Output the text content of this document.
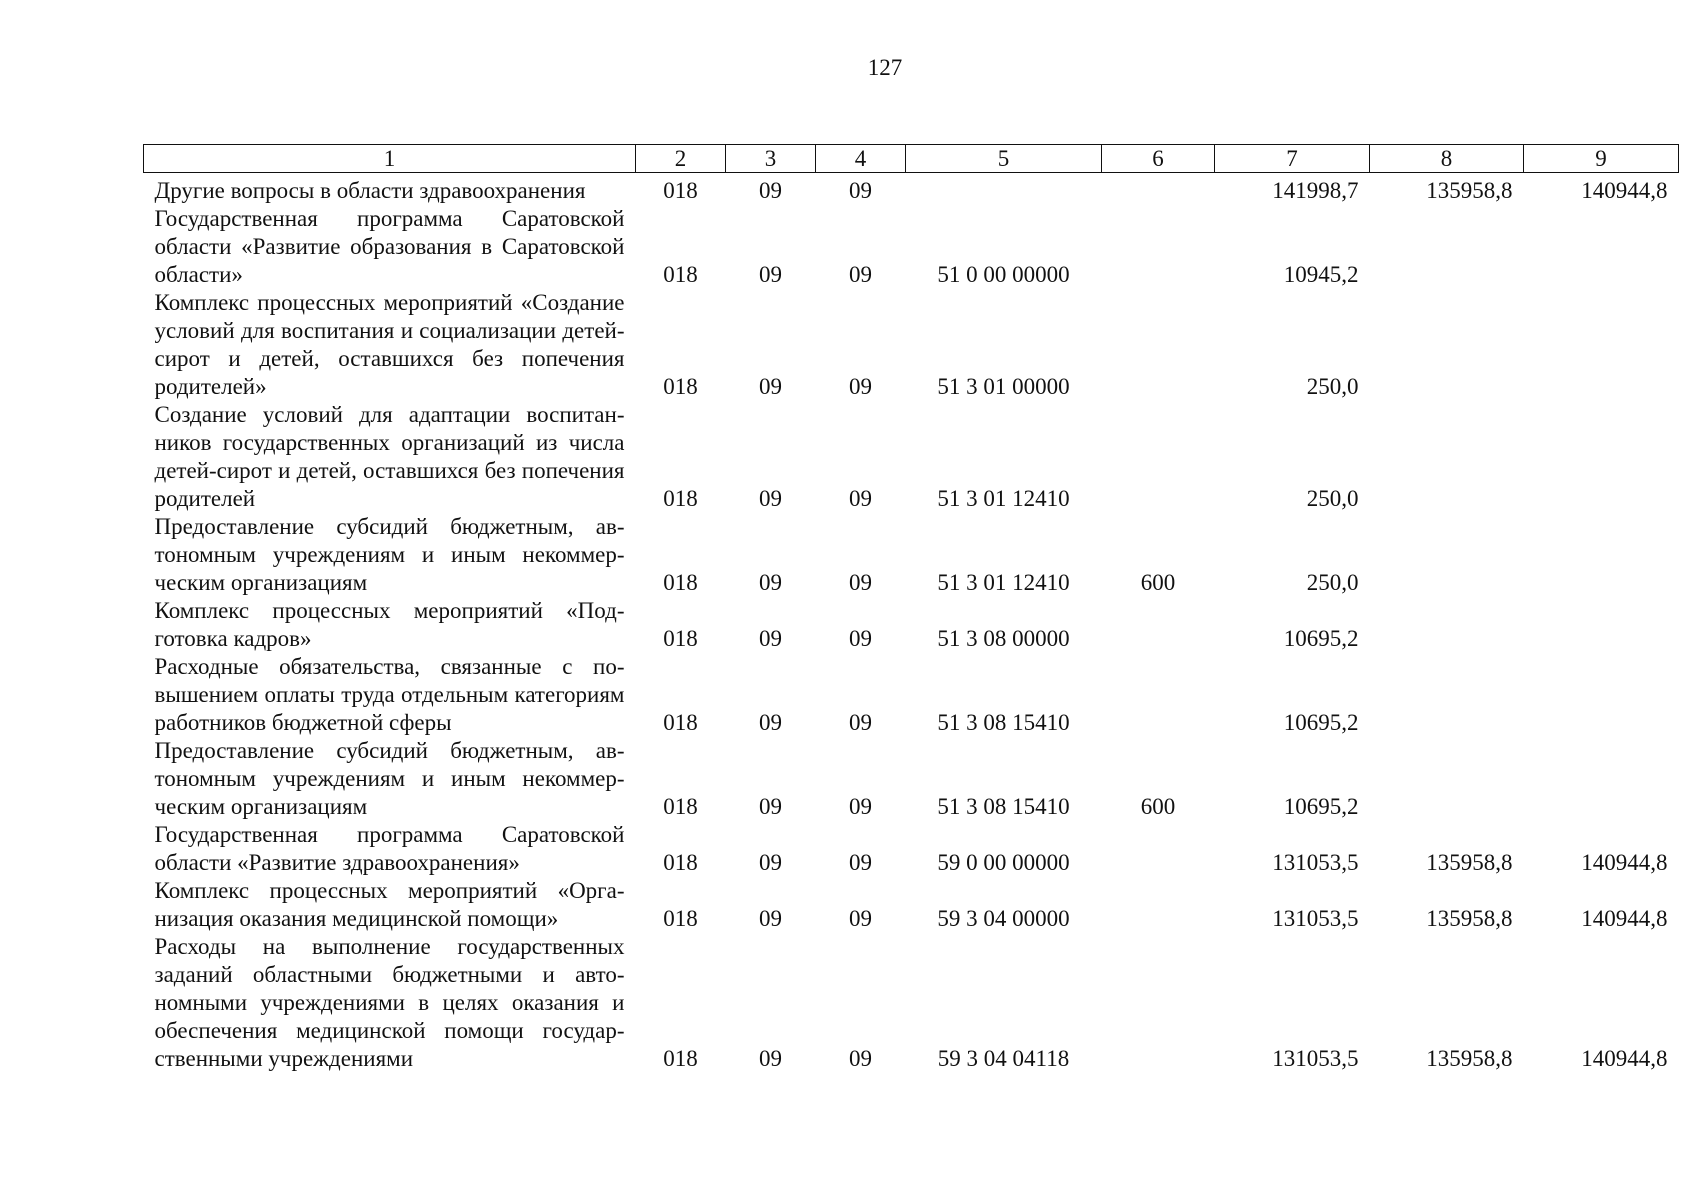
127
1	2	3	4	5	6	7	8	9
Другие вопросы в области здравоохранения	018	09	09			141998,7	135958,8	140944,8
Государственная программа Саратовской области «Развитие образования в Саратовской области»	018	09	09	51 0 00 00000		10945,2		
Комплекс процессных мероприятий «Создание условий для воспитания и социализации детей-сирот и детей, оставшихся без попечения родителей»	018	09	09	51 3 01 00000		250,0		
Создание условий для адаптации воспитанников государственных организаций из числа детей-сирот и детей, оставшихся без попечения родителей	018	09	09	51 3 01 12410		250,0		
Предоставление субсидий бюджетным, автономным учреждениям и иным некоммерческим организациям	018	09	09	51 3 01 12410	600	250,0		
Комплекс процессных мероприятий «Подготовка кадров»	018	09	09	51 3 08 00000		10695,2		
Расходные обязательства, связанные с повышением оплаты труда отдельным категориям работников бюджетной сферы	018	09	09	51 3 08 15410		10695,2		
Предоставление субсидий бюджетным, автономным учреждениям и иным некоммерческим организациям	018	09	09	51 3 08 15410	600	10695,2		
Государственная программа Саратовской области «Развитие здравоохранения»	018	09	09	59 0 00 00000		131053,5	135958,8	140944,8
Комплекс процессных мероприятий «Организация оказания медицинской помощи»	018	09	09	59 3 04 00000		131053,5	135958,8	140944,8
Расходы на выполнение государственных заданий областными бюджетными и автономными учреждениями в целях оказания и обеспечения медицинской помощи государственными учреждениями	018	09	09	59 3 04 04118		131053,5	135958,8	140944,8
